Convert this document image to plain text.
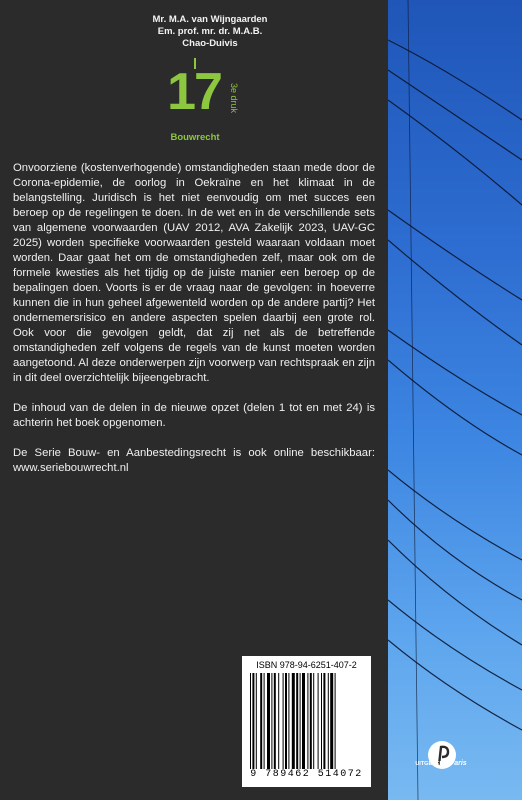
Mr. M.A. van Wijngaarden
Em. prof. mr. dr. M.A.B.
Chao-Duivis
17 3e druk
Bouwrecht

Onvoorziene (kostenverhogende) omstandigheden staan mede door de Corona-epidemie, de oorlog in Oekraïne en het klimaat in de belangstelling. Juridisch is het niet eenvoudig om met succes een beroep op de regelingen te doen. In de wet en in de verschillende sets van algemene voorwaarden (UAV 2012, AVA Zakelijk 2023, UAV-GC 2025) worden specifieke voorwaarden gesteld waaraan voldaan moet worden. Daar gaat het om de omstandigheden zelf, maar ook om de formele kwesties als het tijdig op de juiste manier een beroep op de bepalingen doen. Voorts is er de vraag naar de gevolgen: in hoeverre kunnen die in hun geheel afgewenteld worden op de andere partij? Het ondernemersrisico en andere aspecten spelen daarbij een grote rol. Ook voor die gevolgen geldt, dat zij net als de betreffende omstandigheden zelf volgens de regels van de kunst moeten worden aangetoond. Al deze onderwerpen zijn voorwerp van rechtspraak en zijn in dit deel overzichtelijk bijeengebracht.

De inhoud van de delen in de nieuwe opzet (delen 1 tot en met 24) is achterin het boek opgenomen.

De Serie Bouw- en Aanbestedingsrecht is ook online beschikbaar: www.seriebouwrecht.nl

ISBN 978-94-6251-407-2
9 789462 514072
UITGEVERIJ Paris
